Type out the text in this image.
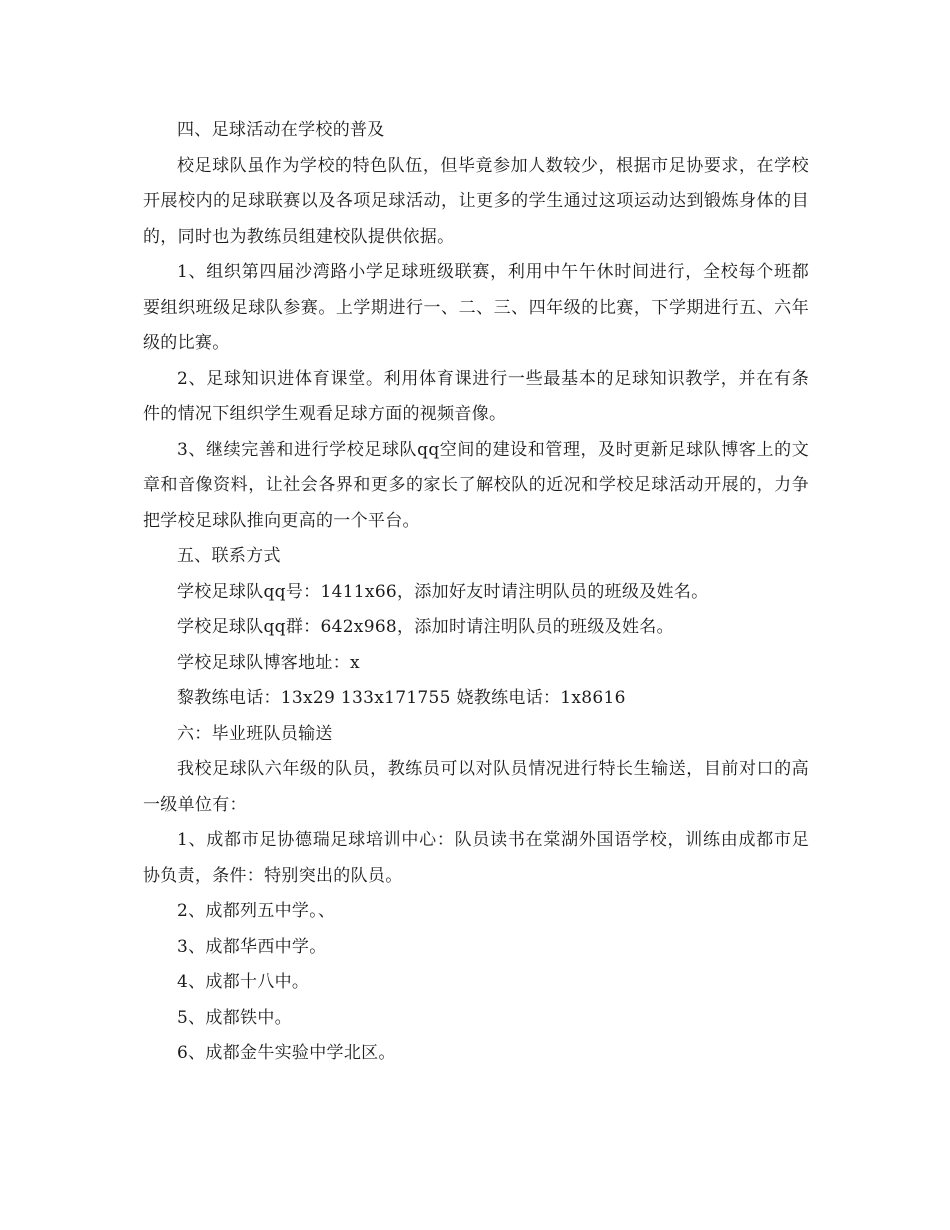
四、足球活动在学校的普及

校足球队虽作为学校的特色队伍，但毕竟参加人数较少，根据市足协要求，在学校开展校内的足球联赛以及各项足球活动，让更多的学生通过这项运动达到锻炼身体的目的，同时也为教练员组建校队提供依据。

1、组织第四届沙湾路小学足球班级联赛，利用中午午休时间进行，全校每个班都要组织班级足球队参赛。上学期进行一、二、三、四年级的比赛，下学期进行五、六年级的比赛。

2、足球知识进体育课堂。利用体育课进行一些最基本的足球知识教学，并在有条件的情况下组织学生观看足球方面的视频音像。

3、继续完善和进行学校足球队qq空间的建设和管理，及时更新足球队博客上的文章和音像资料，让社会各界和更多的家长了解校队的近况和学校足球活动开展的，力争把学校足球队推向更高的一个平台。

五、联系方式

学校足球队qq号：1411x66，添加好友时请注明队员的班级及姓名。

学校足球队qq群：642x968，添加时请注明队员的班级及姓名。

学校足球队博客地址：x

黎教练电话：13x29 133x171755 娆教练电话：1x8616

六：毕业班队员输送

我校足球队六年级的队员，教练员可以对队员情况进行特长生输送，目前对口的高一级单位有：

1、成都市足协德瑞足球培训中心：队员读书在棠湖外国语学校，训练由成都市足协负责，条件：特别突出的队员。

2、成都列五中学。、

3、成都华西中学。

4、成都十八中。

5、成都铁中。

6、成都金牛实验中学北区。
